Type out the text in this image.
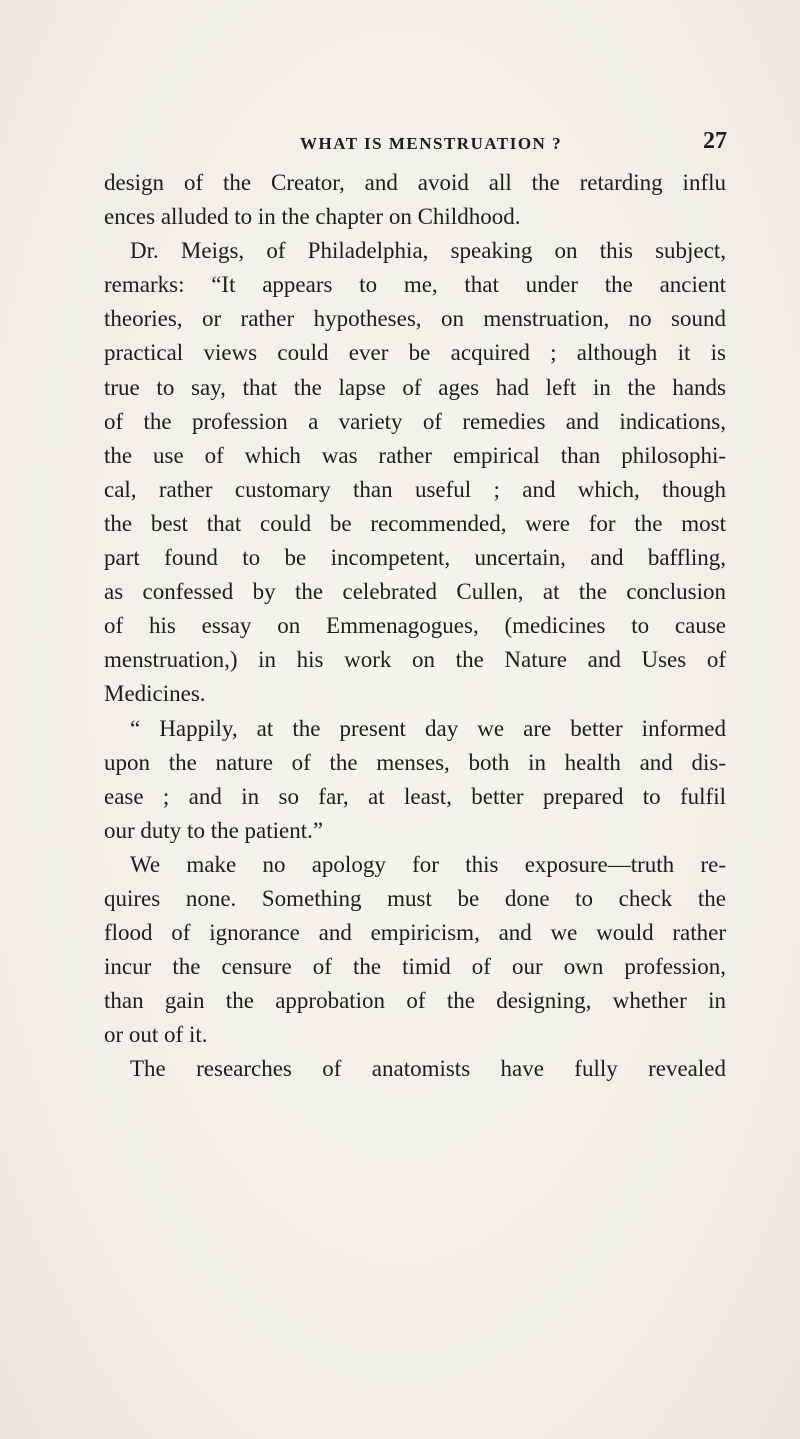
WHAT IS MENSTRUATION ?	27
design of the Creator, and avoid all the retarding influ
ences alluded to in the chapter on Childhood.
Dr. Meigs, of Philadelphia, speaking on this subject,
remarks: “It appears to me, that under the ancient
theories, or rather hypotheses, on menstruation, no sound
practical views could ever be acquired ; although it is
true to say, that the lapse of ages had left in the hands
of the profession a variety of remedies and indications,
the use of which was rather empirical than philosophi-
cal, rather customary than useful ; and which, though
the best that could be recommended, were for the most
part found to be incompetent, uncertain, and baffling,
as confessed by the celebrated Cullen, at the conclusion
of his essay on Emmenagogues, (medicines to cause
menstruation,) in his work on the Nature and Uses of
Medicines.
“ Happily, at the present day we are better informed
upon the nature of the menses, both in health and dis-
ease ; and in so far, at least, better prepared to fulfil
our duty to the patient.”
We make no apology for this exposure—truth re-
quires none. Something must be done to check the
flood of ignorance and empiricism, and we would rather
incur the censure of the timid of our own profession,
than gain the approbation of the designing, whether in
or out of it.
The researches of anatomists have fully revealed
